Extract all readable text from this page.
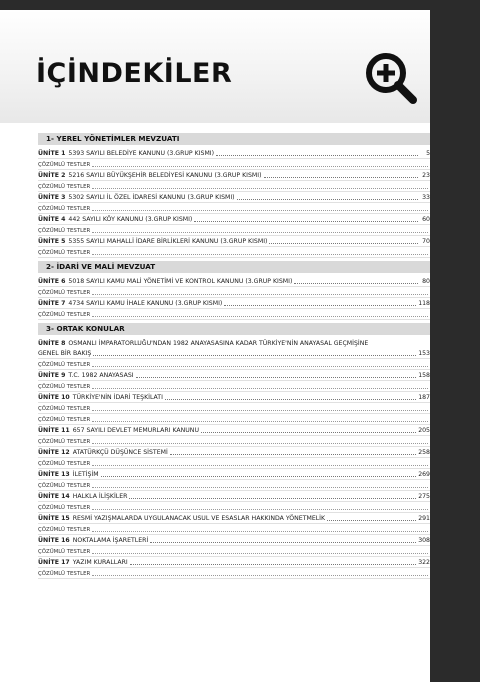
İÇİNDEKİLER
1- YEREL YÖNETİMLER MEVZUATI
ÜNİTE 1 5393 SAYILI BELEDİYE KANUNU (3.GRUP KISMI)	5
ÇÖZÜMLÜ TESTLER
ÜNİTE 2 5216 SAYILI BÜYÜKŞEHİR BELEDİYESİ KANUNU (3.GRUP KISMI)	23
ÇÖZÜMLÜ TESTLER
ÜNİTE 3 5302 SAYILI İL ÖZEL İDARESİ KANUNU (3.GRUP KISMI)	33
ÇÖZÜMLÜ TESTLER
ÜNİTE 4 442 SAYILI KÖY KANUNU (3.GRUP KISMI)	60
ÇÖZÜMLÜ TESTLER
ÜNİTE 5 5355 SAYILI MAHALLİ İDARE BİRLİKLERİ KANUNU (3.GRUP KISMI)	70
ÇÖZÜMLÜ TESTLER
2- İDARİ VE MALİ MEVZUAT
ÜNİTE 6 5018 SAYILI KAMU MALİ YÖNETİMİ VE KONTROL KANUNU (3.GRUP KISMI)	80
ÇÖZÜMLÜ TESTLER
ÜNİTE 7 4734 SAYILI KAMU İHALE KANUNU (3.GRUP KISMI)	118
ÇÖZÜMLÜ TESTLER
3- ORTAK KONULAR
ÜNİTE 8 OSMANLI İMPARATORLUĞU'NDAN 1982 ANAYASASINA KADAR TÜRKİYE'NİN ANAYASAL GEÇMİŞİNE
GENEL BİR BAKIŞ	153
ÇÖZÜMLÜ TESTLER
ÜNİTE 9 T.C. 1982 ANAYASASI	158
ÇÖZÜMLÜ TESTLER
ÜNİTE 10 TÜRKİYE'NİN İDARİ TEŞKİLATI	187
ÇÖZÜMLÜ TESTLER
ÇÖZÜMLÜ TESTLER
ÜNİTE 11 657 SAYILI DEVLET MEMURLARI KANUNU	205
ÇÖZÜMLÜ TESTLER
ÜNİTE 12 ATATÜRKÇÜ DÜŞÜNCE SİSTEMİ	258
ÇÖZÜMLÜ TESTLER
ÜNİTE 13 İLETİŞİM	269
ÇÖZÜMLÜ TESTLER
ÜNİTE 14 HALKLA İLİŞKİLER	275
ÇÖZÜMLÜ TESTLER
ÜNİTE 15 RESMİ YAZIŞMALARDA UYGULANACAK USUL VE ESASLAR HAKKINDA YÖNETMELİK	291
ÇÖZÜMLÜ TESTLER
ÜNİTE 16 NOKTALAMA İŞARETLERİ	308
ÇÖZÜMLÜ TESTLER
ÜNİTE 17 YAZIM KURALLARI	322
ÇÖZÜMLÜ TESTLER
